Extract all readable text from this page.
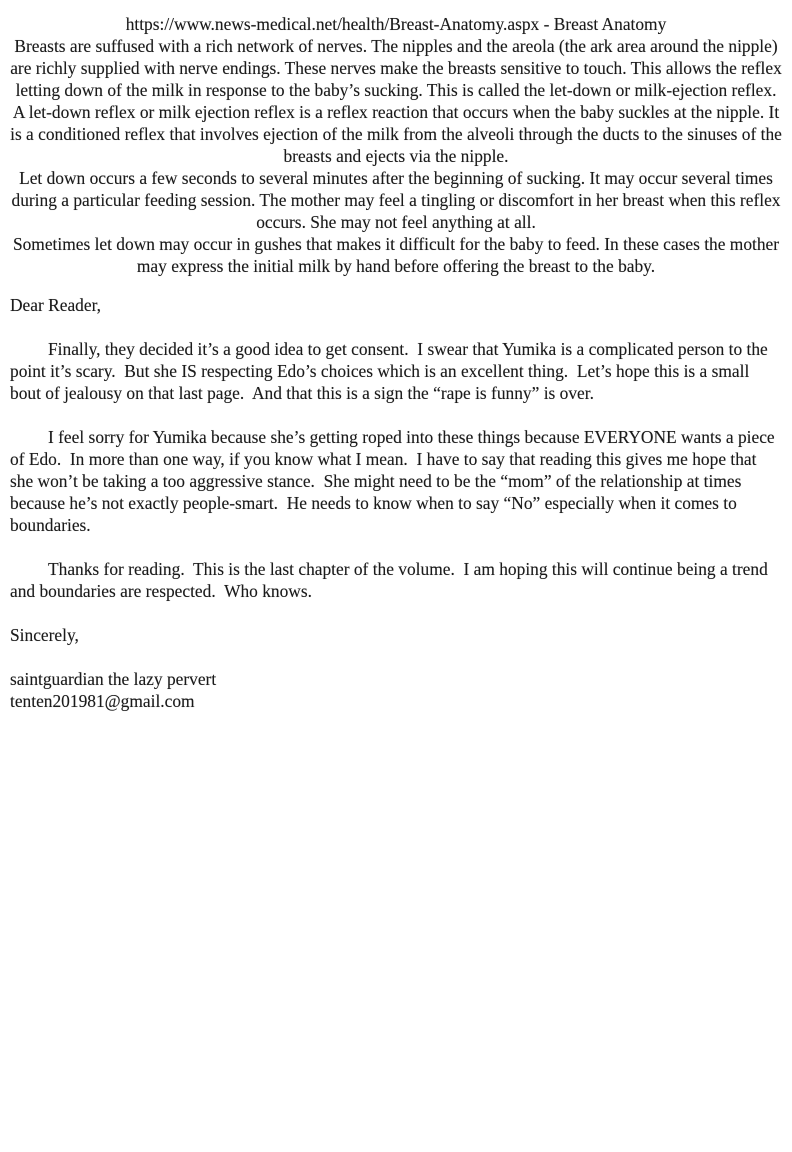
https://www.news-medical.net/health/Breast-Anatomy.aspx - Breast Anatomy

Breasts are suffused with a rich network of nerves. The nipples and the areola (the ark area around the nipple) are richly supplied with nerve endings. These nerves make the breasts sensitive to touch. This allows the reflex letting down of the milk in response to the baby’s sucking. This is called the let-down or milk-ejection reflex.

A let-down reflex or milk ejection reflex is a reflex reaction that occurs when the baby suckles at the nipple. It is a conditioned reflex that involves ejection of the milk from the alveoli through the ducts to the sinuses of the breasts and ejects via the nipple.

Let down occurs a few seconds to several minutes after the beginning of sucking. It may occur several times during a particular feeding session. The mother may feel a tingling or discomfort in her breast when this reflex occurs. She may not feel anything at all.

Sometimes let down may occur in gushes that makes it difficult for the baby to feed. In these cases the mother may express the initial milk by hand before offering the breast to the baby.

Dear Reader,

Finally, they decided it’s a good idea to get consent.  I swear that Yumika is a complicated person to the point it’s scary.  But she IS respecting Edo’s choices which is an excellent thing.  Let’s hope this is a small bout of jealousy on that last page.  And that this is a sign the “rape is funny” is over.

I feel sorry for Yumika because she’s getting roped into these things because EVERYONE wants a piece of Edo.  In more than one way, if you know what I mean.  I have to say that reading this gives me hope that she won’t be taking a too aggressive stance.  She might need to be the “mom” of the relationship at times because he’s not exactly people-smart.  He needs to know when to say “No” especially when it comes to boundaries.

Thanks for reading.  This is the last chapter of the volume.  I am hoping this will continue being a trend and boundaries are respected.  Who knows.

Sincerely,

saintguardian the lazy pervert

tenten201981@gmail.com
